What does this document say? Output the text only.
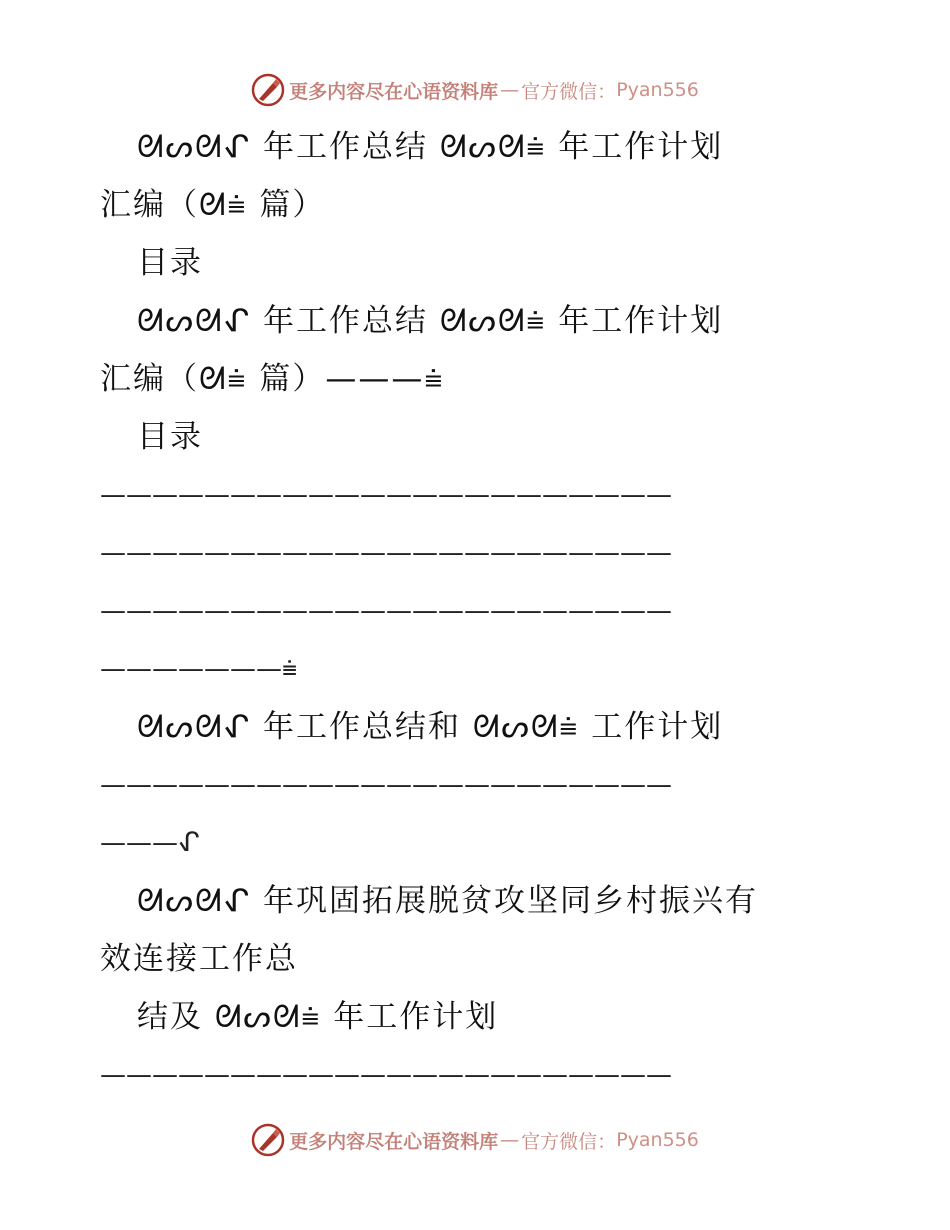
更多内容尽在心语资料库 — 官方微信： Pyan556
ᘛᔕᘛᖋ 年工作总结 ᘛᔕᘛ⩧ 年工作计划
汇编（ᘛ⩧ 篇）
目录
ᘛᔕᘛᖋ 年工作总结 ᘛᔕᘛ⩧ 年工作计划
汇编（ᘛ⩧ 篇）———⩧
目录
——————————————————————
——————————————————————
——————————————————————
———————⩧
ᘛᔕᘛᖋ 年工作总结和 ᘛᔕᘛ⩧ 工作计划
——————————————————————
———ᖋ
ᘛᔕᘛᖋ 年巩固拓展脱贫攻坚同乡村振兴有
效连接工作总
结及 ᘛᔕᘛ⩧ 年工作计划
——————————————————————
更多内容尽在心语资料库 — 官方微信： Pyan556
